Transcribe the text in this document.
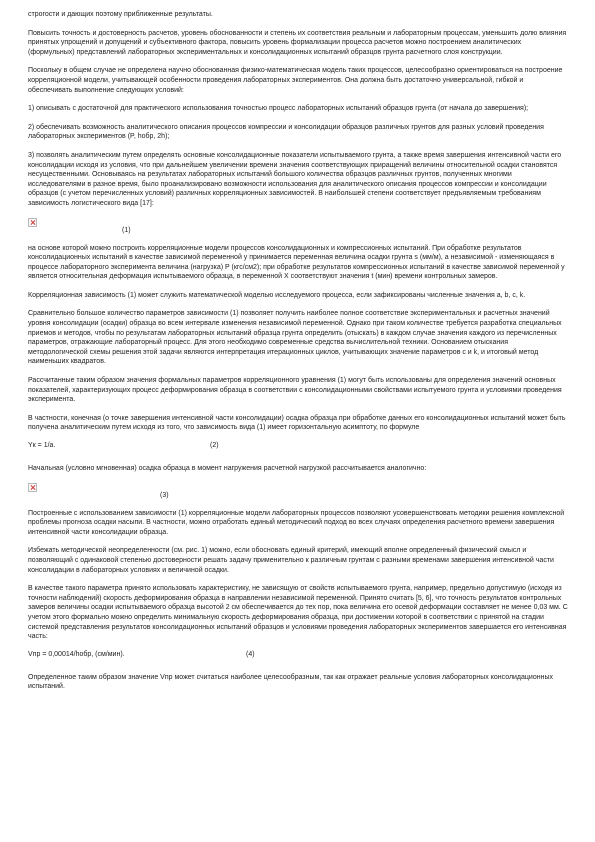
строгости и дающих поэтому приближенные результаты.

Повысить точность и достоверность расчетов, уровень обоснованности и степень их соответствия реальным и лабораторным процессам, уменьшить долю влияния принятых упрощений и допущений и субъективного фактора, повысить уровень формализации процесса расчетов можно построением аналитических (формульных) представлений лабораторных экспериментальных и консолидационных испытаний образцов грунта расчетного слоя конструкции.

Поскольку в общем случае не определена научно обоснованная физико-математическая модель таких процессов, целесообразно ориентироваться на построение корреляционной модели, учитывающей особенности проведения лабораторных экспериментов. Она должна быть достаточно универсальной, гибкой и обеспечивать выполнение следующих условий:

1) описывать с достаточной для практического использования точностью процесс лабораторных испытаний образцов грунта (от начала до завершения);

2) обеспечивать возможность аналитического описания процессов компрессии и консолидации образцов различных грунтов для разных условий проведения лабораторных экспериментов (P, hобр, 2h);

3) позволять аналитическим путем определять основные консолидационные показатели испытываемого грунта, а также время завершения интенсивной части его консолидации исходя из условия, что при дальнейшем увеличении времени значения соответствующих приращений величины относительной осадки становятся несущественными. Основываясь на результатах лабораторных испытаний большого количества образцов различных грунтов, полученных многими исследователями в разное время, было проанализировано возможности использования для аналитического описания процессов компрессии и консолидации образцов (с учетом перечисленных условий) различных корреляционных зависимостей. В наибольшей степени соответствует предъявляемым требованиям зависимость логистического вида [17]:

(1)

на основе которой можно построить корреляционные модели процессов консолидационных и компрессионных испытаний. При обработке результатов консолидационных испытаний в качестве зависимой переменной y принимается переменная величина осадки грунта s (мм/м), а независимой - изменяющаяся в процессе лабораторного эксперимента величина (нагрузка) P (кгс/см2); при обработке результатов компрессионных испытаний в качестве зависимой переменной y является относительная деформация испытываемого образца, в переменной X соответствуют значения t (мин) времени контрольных замеров.

Корреляционная зависимость (1) может служить математической моделью исследуемого процесса, если зафиксированы численные значения a, b, c, k.

Сравнительно большое количество параметров зависимости (1) позволяет получить наиболее полное соответствие экспериментальных и расчетных значений уровня консолидации (осадки) образца во всем интервале изменения независимой переменной. Однако при таком количестве требуется разработка специальных приемов и методов, чтобы по результатам лабораторных испытаний образца грунта определить (отыскать) в каждом случае значения каждого из перечисленных параметров, отражающие лабораторный процесс. Для этого необходимо современные средства вычислительной техники. Основанием отыскания методологической схемы решения этой задачи являются интерпретация итерационных циклов, учитывающих значение параметров c и k, и итоговый метод наименьших квадратов.

Рассчитанные таким образом значения формальных параметров корреляционного уравнения (1) могут быть использованы для определения значений основных показателей, характеризующих процесс деформирования образца в соответствии с консолидационными свойствами испытуемого грунта и условиями проведения эксперимента.

В частности, конечная (о точке завершения интенсивной части консолидации) осадка образца при обработке данных его консолидационных испытаний может быть получена аналитическим путем исходя из того, что зависимость вида (1) имеет горизонтальную асимптоту, по формуле

Yк = 1/a.	(2)

Начальная (условно мгновенная) осадка образца в момент нагружения расчетной нагрузкой рассчитывается аналогично:

(3)

Построенные с использованием зависимости (1) корреляционные модели лабораторных процессов позволяют усовершенствовать методики решения комплексной проблемы прогноза осадки насыпи. В частности, можно отработать единый методический подход во всех случаях определения расчетного времени завершения интенсивной части консолидации образца.

Избежать методической неопределенности (см. рис. 1) можно, если обосновать единый критерий, имеющий вполне определенный физический смысл и позволяющий с одинаковой степенью достоверности решать задачу применительно к различным грунтам с разными временами завершения интенсивной части консолидации в лабораторных условиях и величиной осадки.

В качестве такого параметра принято использовать характеристику, не зависящую от свойств испытываемого грунта, например, предельно допустимую (исходя из точности наблюдений) скорость деформирования образца в направлении независимой переменной. Принято считать [5, 6], что точность результатов контрольных замеров величины осадки испытываемого образца высотой 2 см обеспечивается до тех пор, пока величина его осевой деформации составляет не менее 0,03 мм. С учетом этого формально можно определить минимальную скорость деформирования образца, при достижении которой в соответствии с принятой на стадии системой представления результатов консолидационных испытаний образцов и условиями проведения лабораторных экспериментов завершается его интенсивная часть:

Vпр = 0,00014/hобр, (см/мин).	(4)

Определенное таким образом значение Vпр может считаться наиболее целесообразным, так как отражает реальные условия лабораторных консолидационных испытаний.
